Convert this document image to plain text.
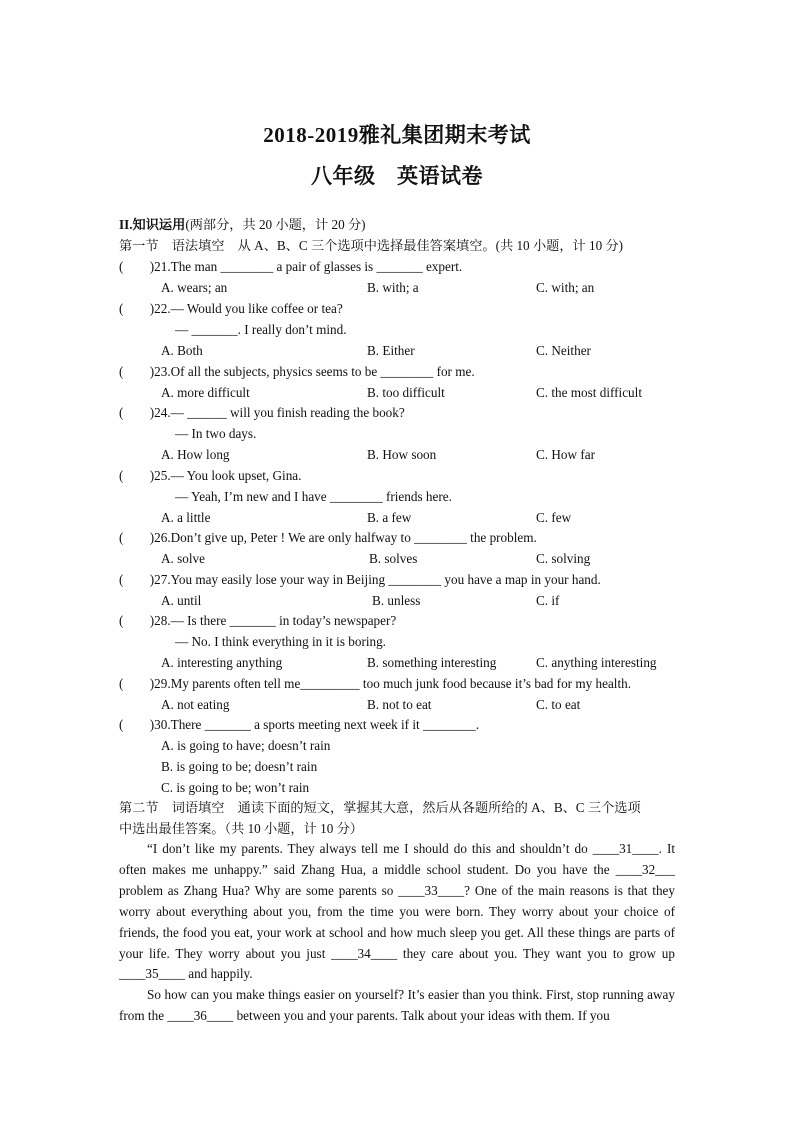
2018-2019雅礼集团期末考试
八年级　英语试卷
II.知识运用(两部分，共 20 小题，计 20 分)
第一节　语法填空　从 A、B、C 三个选项中选择最佳答案填空。(共 10 小题，计 10 分)
(　　)21.The man ________ a pair of glasses is _______ expert.
A. wears; an	B. with; a	C. with; an
(　　)22.— Would you like coffee or tea?
— _______. I really don’t mind.
A. Both	B. Either	C. Neither
(　　)23.Of all the subjects, physics seems to be ________ for me.
A. more difficult	B. too difficult	C. the most difficult
(　　)24.— ______ will you finish reading the book?
— In two days.
A. How long	B. How soon	C. How far
(　　)25.— You look upset, Gina.
— Yeah, I’m new and I have ________ friends here.
A. a little	B. a few	C. few
(　　)26.Don’t give up, Peter ! We are only halfway to ________ the problem.
A. solve	B. solves	C. solving
(　　)27.You may easily lose your way in Beijing ________ you have a map in your hand.
A. until	B. unless	C. if
(　　)28.— Is there _______ in today’s newspaper?
— No. I think everything in it is boring.
A. interesting anything	B. something interesting	C. anything interesting
(　　)29.My parents often tell me_________ too much junk food because it’s bad for my health.
A. not eating	B. not to eat	C. to eat
(　　)30.There _______ a sports meeting next week if it ________.
A. is going to have; doesn’t rain
B. is going to be; doesn’t rain
C. is going to be; won’t rain
第二节　词语填空　通读下面的短文，掌握其大意，然后从各题所给的 A、B、C 三个选项
中选出最佳答案。（共 10 小题，计 10 分）

“I don’t like my parents. They always tell me I should do this and shouldn’t do ____31____. It often makes me unhappy.” said Zhang Hua, a middle school student. Do you have the ____32___ problem as Zhang Hua? Why are some parents so ____33____? One of the main reasons is that they worry about everything about you, from the time you were born. They worry about your choice of friends, the food you eat, your work at school and how much sleep you get. All these things are parts of your life. They worry about you just ____34____ they care about you. They want you to grow up ____35____ and happily.

So how can you make things easier on yourself? It’s easier than you think. First, stop running away from the ____36____ between you and your parents. Talk about your ideas with them. If you
